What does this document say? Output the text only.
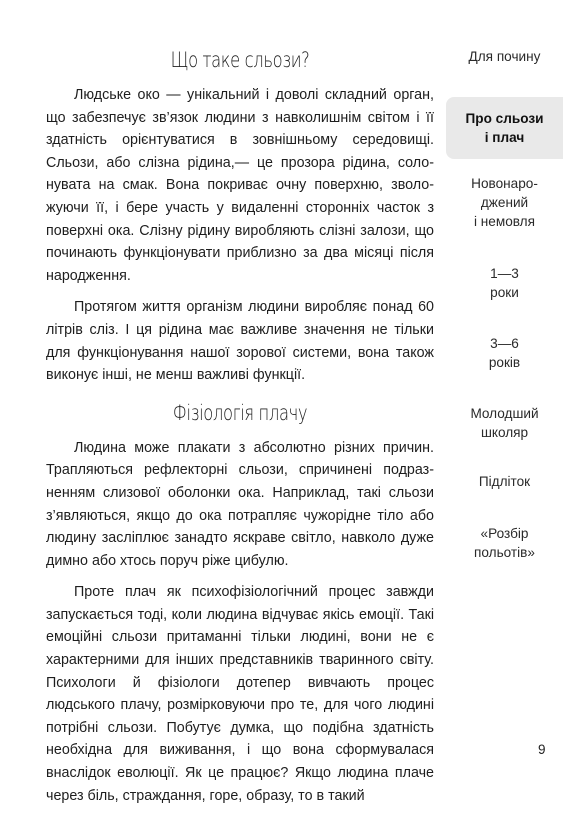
Що таке сльози?

Людське око — унікальний і доволі складний орган, що забезпечує зв’язок людини з навколишнім світом і її здатність орієнтуватися в зовнішньому середовищі. Сльози, або слізна рідина,— це прозора рідина, солонувата на смак. Вона покриває очну поверхню, зволожуючи її, і бере участь у видаленні сторонніх часток з поверхні ока. Слізну рідину виробляють слізні залози, що починають функціонувати приблизно за два місяці після народження.

Протягом життя організм людини виробляє понад 60 літрів сліз. І ця рідина має важливе значення не тільки для функціонування нашої зорової системи, вона також виконує інші, не менш важливі функції.

Фізіологія плачу

Людина може плакати з абсолютно різних причин. Трапляються рефлекторні сльози, спричинені подразненням слизової оболонки ока. Наприклад, такі сльози з’являються, якщо до ока потрапляє чужорідне тіло або людину засліплює занадто яскраве світло, навколо дуже димно або хтось поруч ріже цибулю.

Проте плач як психофізіологічний процес завжди запускається тоді, коли людина відчуває якісь емоції. Такі емоційні сльози притаманні тільки людині, вони не є характерними для інших представників тваринного світу. Психологи й фізіологи дотепер вивчають процес людського плачу, розмірковуючи про те, для чого людині потрібні сльози. Побутує думка, що подібна здатність необхідна для виживання, і що вона сформувалася внаслідок еволюції. Як це працює? Якщо людина плаче через біль, страждання, горе, образу, то в такий

Для почину
Про сльози
і плач
Новонаро-
джений
і немовля
1—3
роки
3—6
років
Молодший
школяр
Підліток
«Розбір
польотів»
9
